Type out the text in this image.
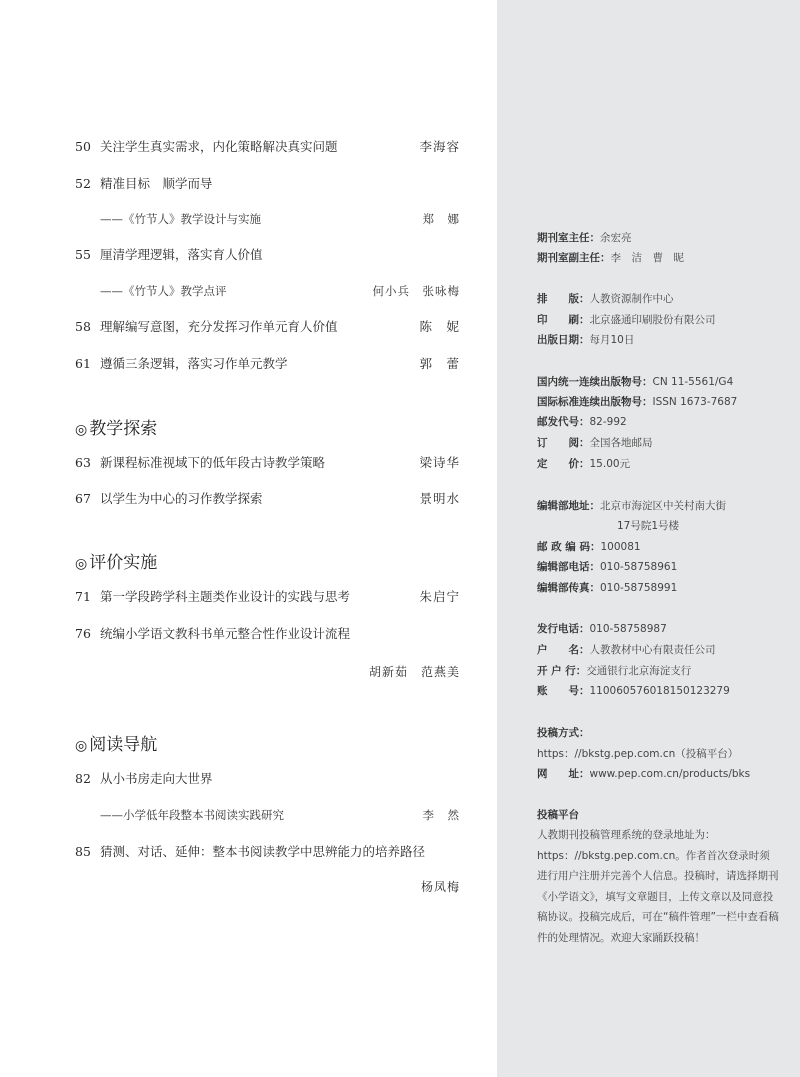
50 关注学生真实需求，内化策略解决真实问题	李海容
52 精准目标　顺学而导
——《竹节人》教学设计与实施	郑　娜
55 厘清学理逻辑，落实育人价值
——《竹节人》教学点评	何小兵　张咏梅
58 理解编写意图，充分发挥习作单元育人价值	陈　妮
61 遵循三条逻辑，落实习作单元教学	郭　蕾
◎ 教学探索
63 新课程标准视域下的低年段古诗教学策略	梁诗华
67 以学生为中心的习作教学探索	景明水
◎ 评价实施
71 第一学段跨学科主题类作业设计的实践与思考	朱启宁
76 统编小学语文教科书单元整合性作业设计流程
胡新茹　范燕美
◎ 阅读导航
82 从小书房走向大世界
——小学低年段整本书阅读实践研究	李　然
85 猜测、对话、延伸：整本书阅读教学中思辨能力的培养路径
杨凤梅
期刊室主任：余宏亮
期刊室副主任：李　洁　曹　昵
排　　版：人教资源制作中心
印　　刷：北京盛通印刷股份有限公司
出版日期：每月10日
国内统一连续出版物号：CN 11-5561/G4
国际标准连续出版物号：ISSN 1673-7687
邮发代号：82-992
订　　阅：全国各地邮局
定　　价：15.00元
编辑部地址：北京市海淀区中关村南大街
17号院1号楼
邮 政 编 码：100081
编辑部电话：010-58758961
编辑部传真：010-58758991
发行电话：010-58758987
户　　名：人教教材中心有限责任公司
开 户 行：交通银行北京海淀支行
账　　号：110060576018150123279
投稿方式：
https：//bkstg.pep.com.cn（投稿平台）
网　　址：www.pep.com.cn/products/bks
投稿平台
人教期刊投稿管理系统的登录地址为：https：//bkstg.pep.com.cn。作者首次登录时须进行用户注册并完善个人信息。投稿时，请选择期刊《小学语文》，填写文章题目，上传文章以及同意投稿协议。投稿完成后，可在“稿件管理”一栏中查看稿件的处理情况。欢迎大家踊跃投稿！
